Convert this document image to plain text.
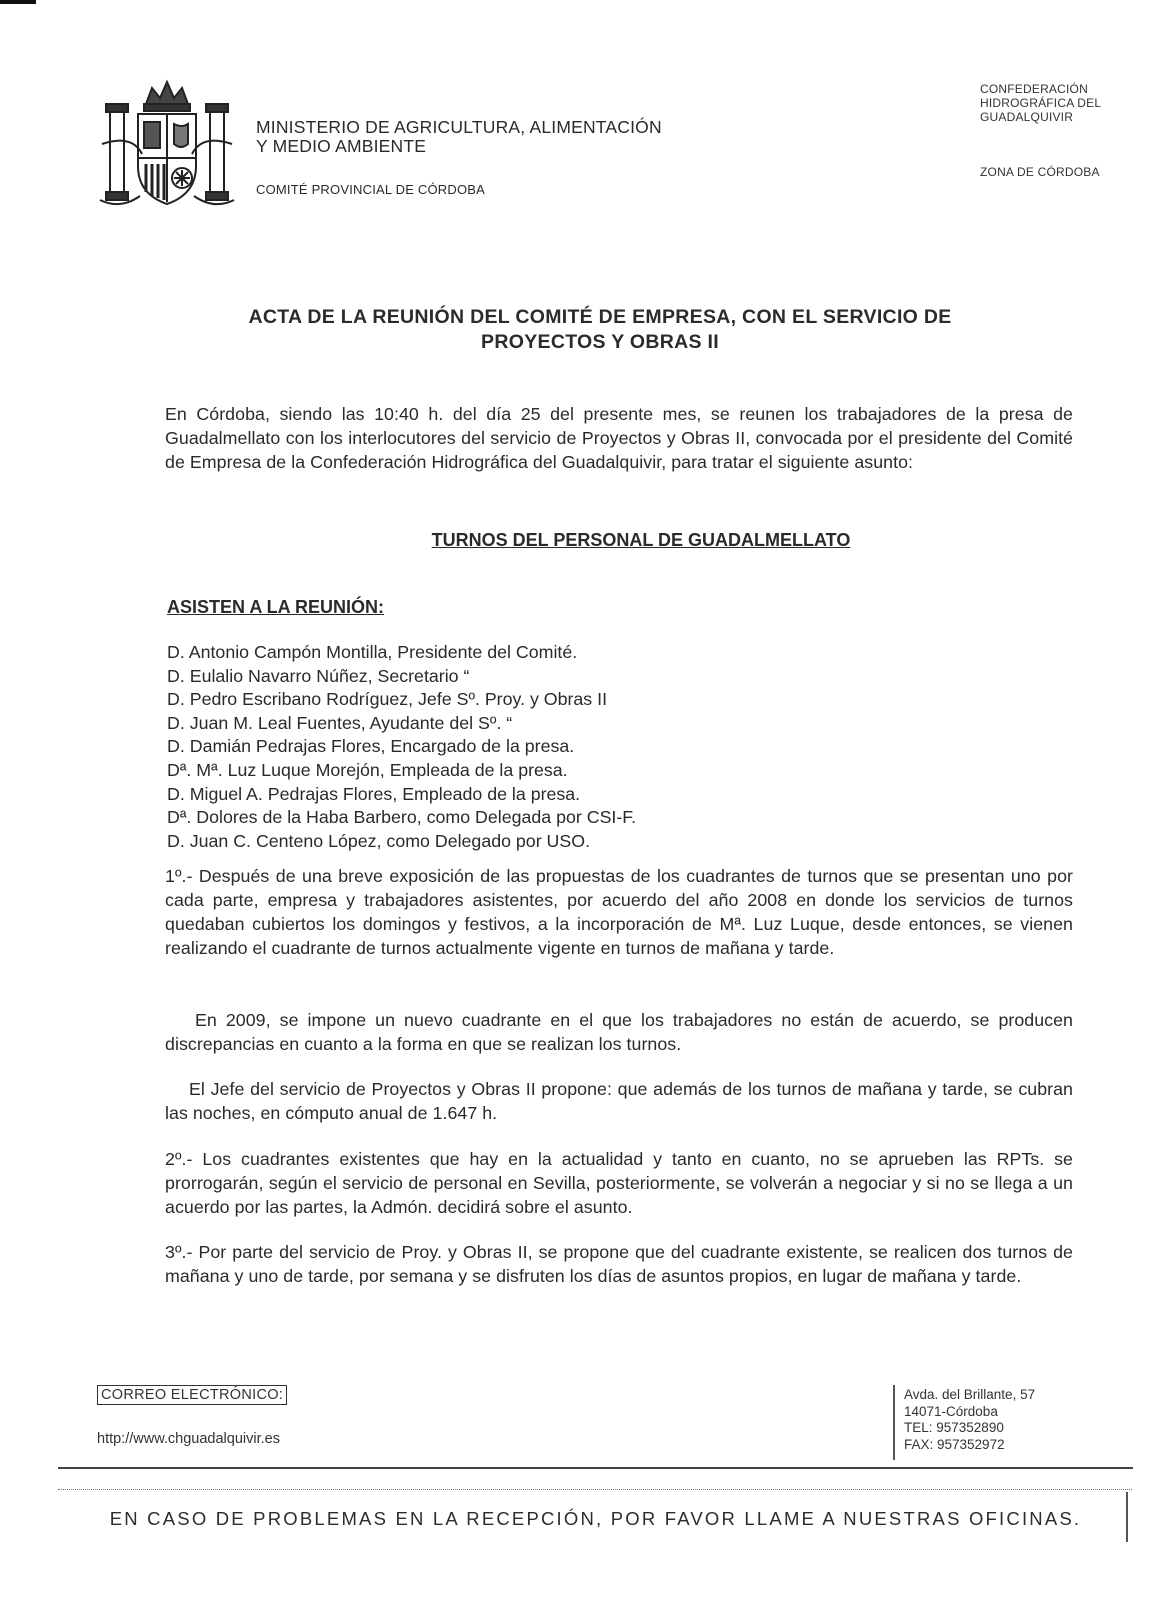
MINISTERIO DE AGRICULTURA, ALIMENTACIÓN
Y MEDIO AMBIENTE
COMITÉ PROVINCIAL DE CÓRDOBA
CONFEDERACIÓN
HIDROGRÁFICA DEL
GUADALQUIVIR
ZONA DE CÓRDOBA
ACTA DE LA REUNIÓN DEL COMITÉ DE EMPRESA, CON EL SERVICIO DE
PROYECTOS Y OBRAS II
En Córdoba, siendo las 10:40 h. del día 25 del presente mes, se reunen los trabajadores de la presa de Guadalmellato con los interlocutores del servicio de Proyectos y Obras II, convocada por el presidente del Comité de Empresa de la Confederación Hidrográfica del Guadalquivir, para tratar el siguiente asunto:
TURNOS DEL PERSONAL DE GUADALMELLATO
ASISTEN A LA REUNIÓN:
D. Antonio Campón Montilla, Presidente del Comité.
D. Eulalio Navarro Núñez, Secretario “
D. Pedro Escribano Rodríguez, Jefe Sº. Proy. y Obras II
D. Juan M. Leal Fuentes, Ayudante del Sº. “
D. Damián Pedrajas Flores, Encargado de la presa.
Dª. Mª. Luz Luque Morejón, Empleada de la presa.
D. Miguel A. Pedrajas Flores, Empleado de la presa.
Dª. Dolores de la Haba Barbero, como Delegada por CSI-F.
D. Juan C. Centeno López, como Delegado por USO.
1º.- Después de una breve exposición de las propuestas de los cuadrantes de turnos que se presentan uno por cada parte, empresa y trabajadores asistentes, por acuerdo del año 2008 en donde los servicios de turnos quedaban cubiertos los domingos y festivos, a la incorporación de Mª. Luz Luque, desde entonces, se vienen realizando el cuadrante de turnos actualmente vigente en turnos de mañana y tarde.
En 2009, se impone un nuevo cuadrante en el que los trabajadores no están de acuerdo, se producen discrepancias en cuanto a la forma en que se realizan los turnos.
El Jefe del servicio de Proyectos y Obras II propone: que además de los turnos de mañana y tarde, se cubran las noches, en cómputo anual de 1.647 h.
2º.- Los cuadrantes existentes que hay en la actualidad y tanto en cuanto, no se aprueben las RPTs. se prorrogarán, según el servicio de personal en Sevilla, posteriormente, se volverán a negociar y si no se llega a un acuerdo por las partes, la Admón. decidirá sobre el asunto.
3º.- Por parte del servicio de Proy. y Obras II, se propone que del cuadrante existente, se realicen dos turnos de mañana y uno de tarde, por semana y se disfruten los días de asuntos propios, en lugar de mañana y tarde.
CORREO ELECTRÓNICO:
http://www.chguadalquivir.es
Avda. del Brillante, 57
14071-Córdoba
TEL: 957352890
FAX: 957352972
EN CASO DE PROBLEMAS EN LA RECEPCIÓN, POR FAVOR LLAME A NUESTRAS OFICINAS.
